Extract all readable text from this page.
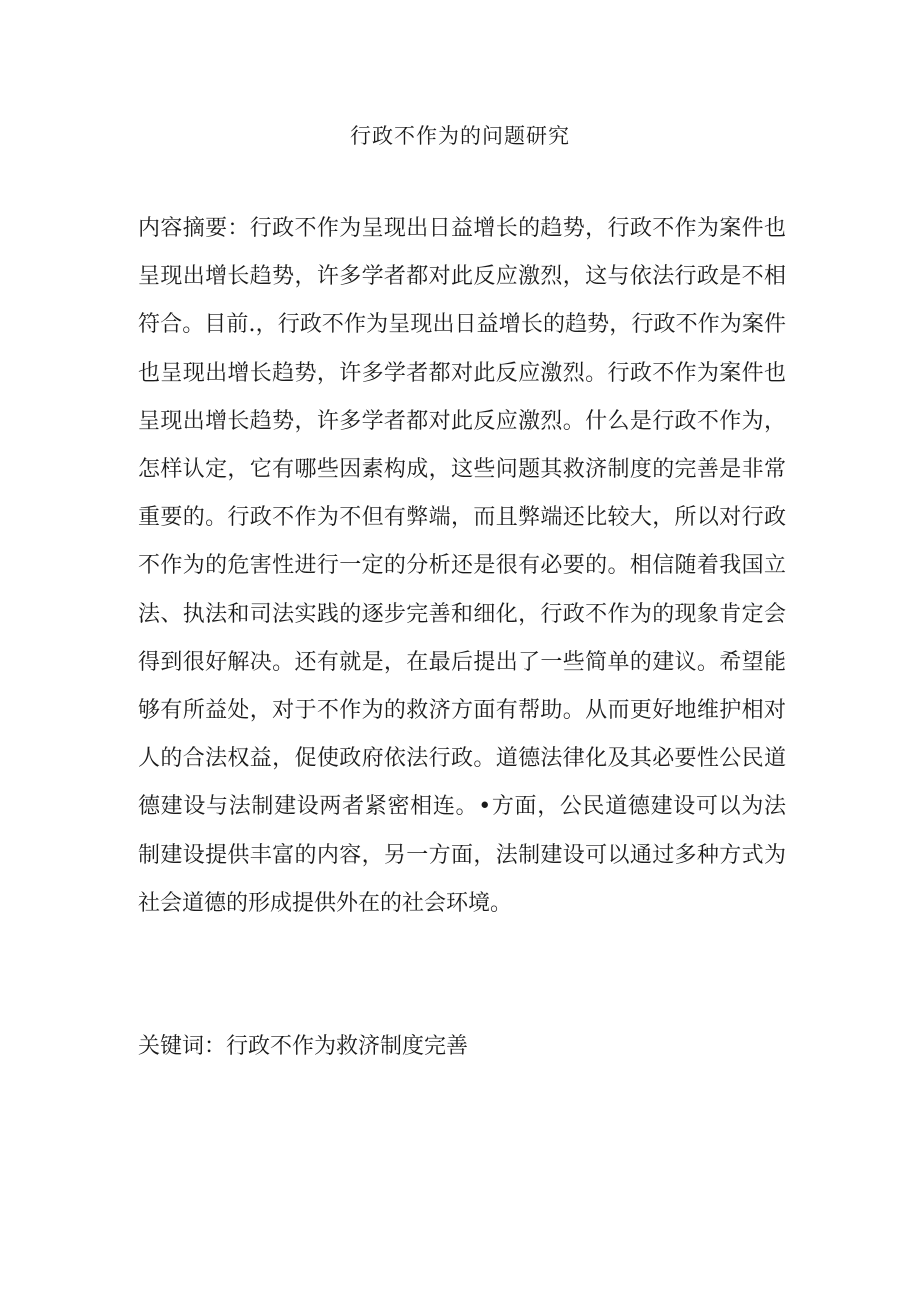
行政不作为的问题研究

内容摘要：行政不作为呈现出日益增长的趋势，行政不作为案件也呈现出增长趋势，许多学者都对此反应激烈，这与依法行政是不相符合。目前.，行政不作为呈现出日益增长的趋势，行政不作为案件也呈现出增长趋势，许多学者都对此反应激烈。行政不作为案件也呈现出增长趋势，许多学者都对此反应激烈。什么是行政不作为，怎样认定，它有哪些因素构成，这些问题其救济制度的完善是非常重要的。行政不作为不但有弊端，而且弊端还比较大，所以对行政不作为的危害性进行一定的分析还是很有必要的。相信随着我国立法、执法和司法实践的逐步完善和细化，行政不作为的现象肯定会得到很好解决。还有就是，在最后提出了一些简单的建议。希望能够有所益处，对于不作为的救济方面有帮助。从而更好地维护相对人的合法权益，促使政府依法行政。道德法律化及其必要性公民道德建设与法制建设两者紧密相连。•方面，公民道德建设可以为法制建设提供丰富的内容，另一方面，法制建设可以通过多种方式为社会道德的形成提供外在的社会环境。

关键词：行政不作为救济制度完善
